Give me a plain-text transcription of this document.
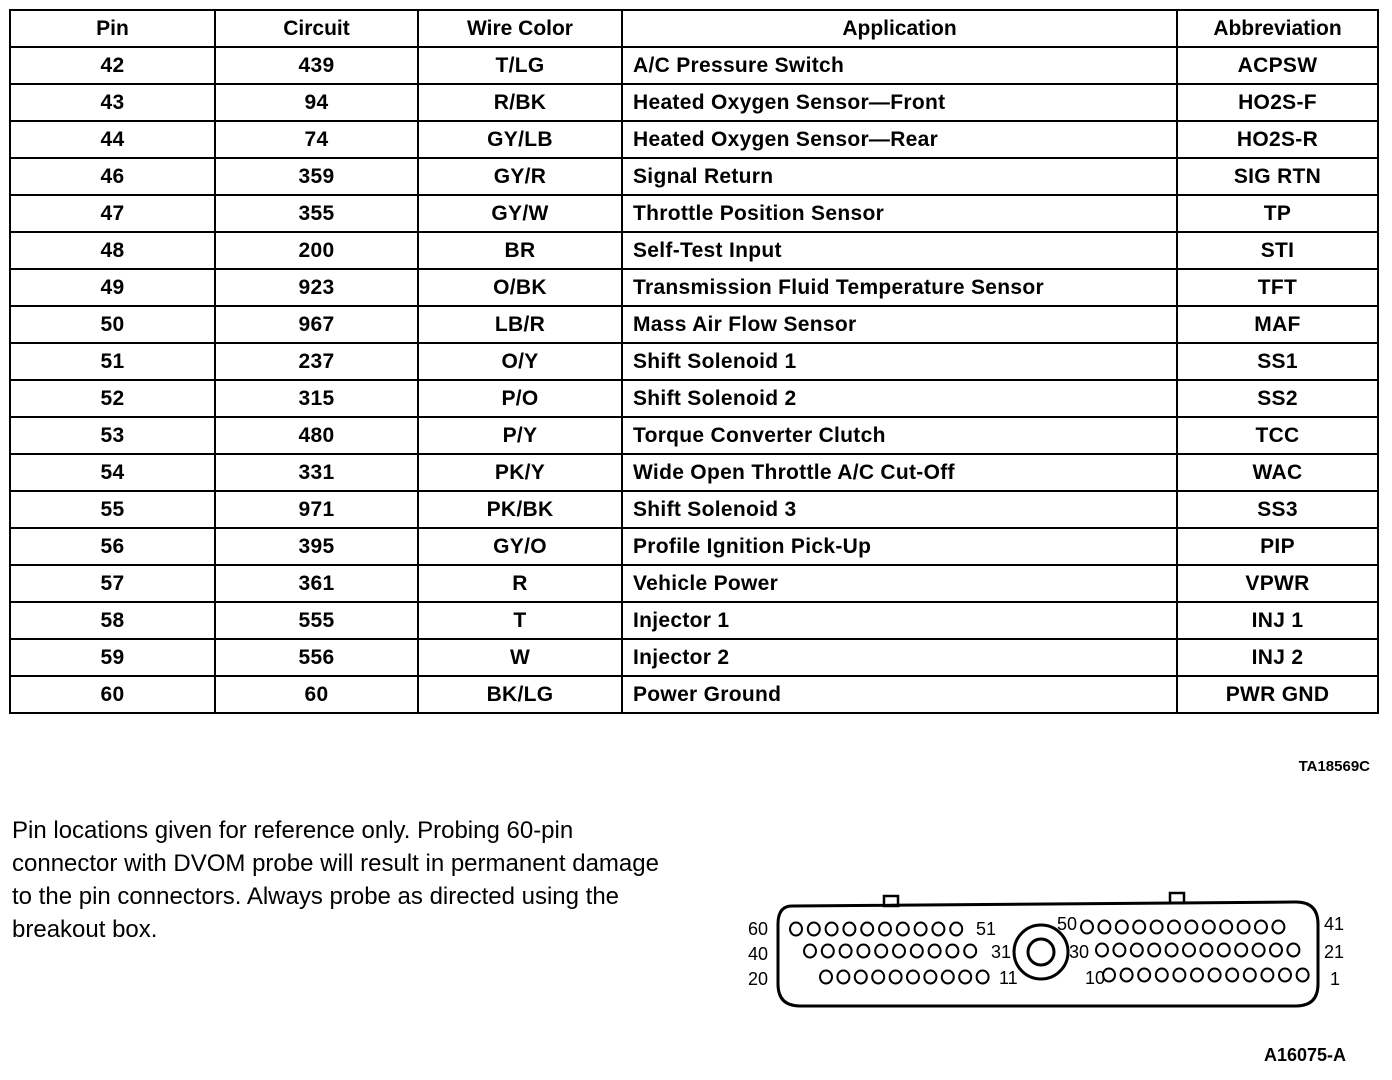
Pin	Circuit	Wire Color	Application	Abbreviation
42	439	T/LG	A/C Pressure Switch	ACPSW
43	94	R/BK	Heated Oxygen Sensor—Front	HO2S-F
44	74	GY/LB	Heated Oxygen Sensor—Rear	HO2S-R
46	359	GY/R	Signal Return	SIG RTN
47	355	GY/W	Throttle Position Sensor	TP
48	200	BR	Self-Test Input	STI
49	923	O/BK	Transmission Fluid Temperature Sensor	TFT
50	967	LB/R	Mass Air Flow Sensor	MAF
51	237	O/Y	Shift Solenoid 1	SS1
52	315	P/O	Shift Solenoid 2	SS2
53	480	P/Y	Torque Converter Clutch	TCC
54	331	PK/Y	Wide Open Throttle A/C Cut-Off	WAC
55	971	PK/BK	Shift Solenoid 3	SS3
56	395	GY/O	Profile Ignition Pick-Up	PIP
57	361	R	Vehicle Power	VPWR
58	555	T	Injector 1	INJ 1
59	556	W	Injector 2	INJ 2
60	60	BK/LG	Power Ground	PWR GND
TA18569C

Pin locations given for reference only. Probing 60-pin connector with DVOM probe will result in permanent damage to the pin connectors. Always probe as directed using the breakout box.	60
40
20
41
21
1
51	50
31	30
11	10
A16075-A
